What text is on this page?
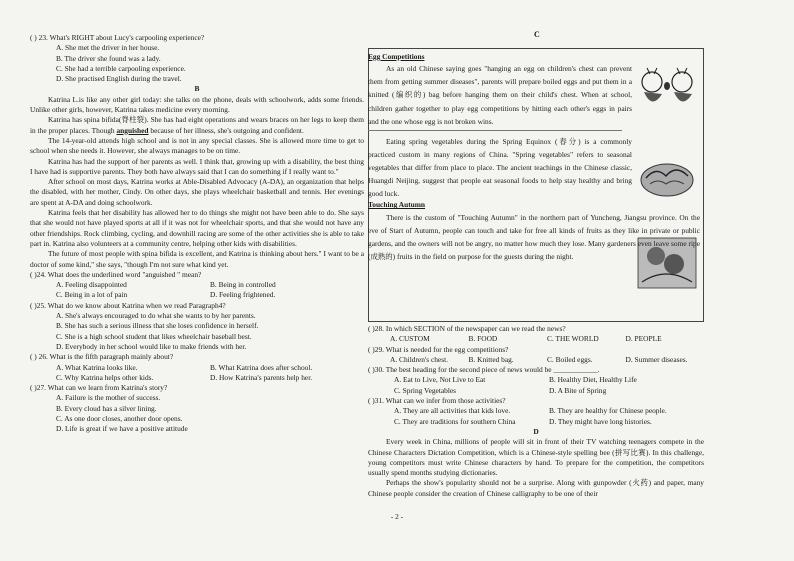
( ) 23. What's RIGHT about Lucy's carpooling experience?

A. She met the driver in her house.

B. The driver she found was a lady.

C. She had a terrible carpooling experience.

D. She practised English during the travel.

B

Katrina L.is like any other girl today: she talks on the phone, deals with schoolwork, adds some friends. Unlike other girls, however, Katrina takes medicine every morning.

Katrina has spina bifida(脊柱裂). She has had eight operations and wears braces on her legs to keep them in the proper places. Though anguished because of her illness, she's outgoing and confident.

The 14-year-old attends high school and is not in any special classes. She is allowed more time to get to school when she needs it. However, she always manages to be on time.

Katrina has had the support of her parents as well. I think that, growing up with a disability, the best thing I have had is supportive parents. They both have always said that I can do something if I really want to."

After school on most days, Katrina works at Able-Disabled Advocacy (A-DA), an organization that helps the disabled, with her mother, Cindy. On other days, she plays wheelchair basketball and tennis. Her evenings are spent at A-DA and doing schoolwork.

Katrina feels that her disability has allowed her to do things she might not have been able to do. She says that she would not have played sports at all if it was not for wheelchair sports, and that she would not have any other friendships. Rock climbing, cycling, and downhill racing are some of the other activities she is able to take part in. Katrina also volunteers at a community centre, helping other kids with disabilities.

The future of most people with spina bifida is excellent, and Katrina is thinking about hers." I want to be a doctor of some kind," she says, "though I'm not sure what kind yet.

( )24. What does the underlined word "anguished " mean?

A. Feeling disappointed	B. Being in controlled
C. Being in a lot of pain	D. Feeling frightened.

( )25. What do we know about Katrina when we read Paragraph4?

A. She's always encouraged to do what she wants to by her parents.

B. She has such a serious illness that she loses confidence in herself.

C. She is a high school student that likes wheelchair baseball best.

D. Everybody in her school would like to make friends with her.

( ) 26. What is the fifth paragraph mainly about?

A. What Katrina looks like.	B. What Katrina does after school.
C. Why Katrina helps other kids.	D. How Katrina's parents help her.

( )27. What can we learn from Katrina's story?

A. Failure is the mother of success.

B. Every cloud has a silver lining.

C. As one door closes, another door opens.

D. Life is great if we have a positive attitude

C

Egg Competitions

As an old Chinese saying goes "hanging an egg on children's chest can prevent them from getting summer diseases", parents will prepare boiled eggs and put them in a knitted (编织的) bag before hanging them on their child's chest. When at school, children gather together to play egg competitions by hitting each other's eggs in pairs and the one whose egg is not broken wins.

Eating spring vegetables during the Spring Equinox (春分) is a commonly practiced custom in many regions of China. "Spring vegetables" refers to seasonal vegetables that differ from place to place. The ancient teachings in the Chinese classic, Huangdi Neijing, suggest that people eat seasonal foods to help stay healthy and bring good luck.

Touching Autumn

There is the custom of "Touching Autumn" in the northern part of Yuncheng, Jiangsu province. On the eve of Start of Autumn, people can touch and take for free all kinds of fruits as they like in private or public gardens, and the owners will not be angry, no matter how much they lose. Many gardeners even leave some ripe (成熟的) fruits in the field on purpose for the guests during the night.

( )28. In which SECTION of the newspaper can we read the news?

A. CUSTOM	B. FOOD	C. THE WORLD	D. PEOPLE

( )29. What is needed for the egg competitions?

A. Children's chest.	B. Knitted bag.	C. Boiled eggs.	D. Summer diseases.

( )30. The best heading for the second piece of news would be ____________.

A. Eat to Live, Not Live to Eat	B. Healthy Diet, Healthy Life
C. Spring Vegetables	D. A Bite of Spring

( )31. What can we infer from those activities?

A. They are all activities that kids love.	B. They are healthy for Chinese people.
C. They are traditions for southern China	D. They might have long histories.

D

Every week in China, millions of people will sit in front of their TV watching teenagers compete in the Chinese Characters Dictation Competition, which is a Chinese-style spelling bee (拼写比赛). In this challenge, young competitors must write Chinese characters by hand. To prepare for the competition, the competitors usually spend months studying dictionaries.

Perhaps the show's popularity should not be a surprise. Along with gunpowder (火药) and paper, many Chinese people consider the creation of Chinese calligraphy to be one of their

- 2 -
